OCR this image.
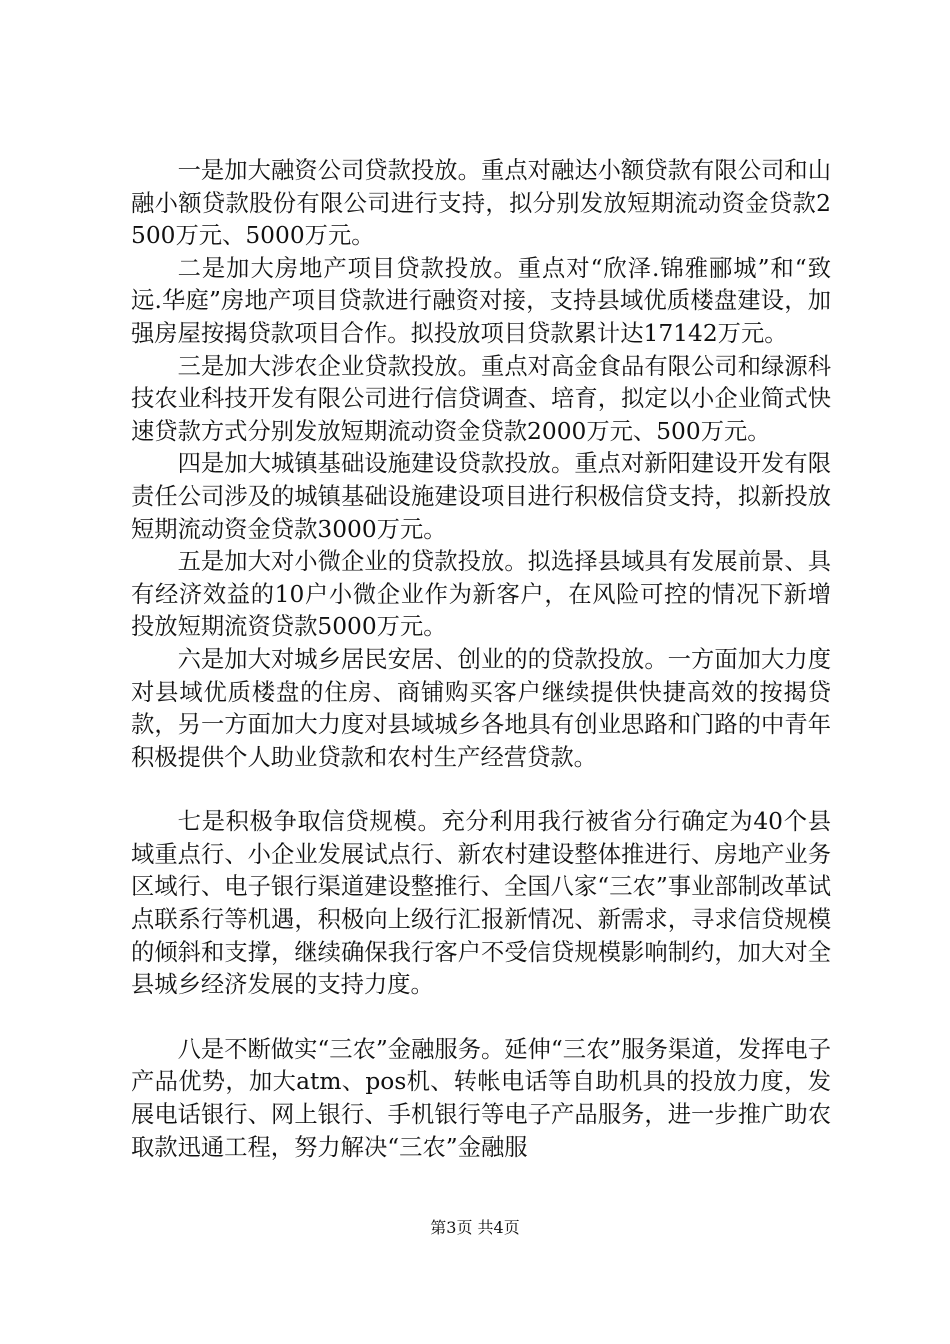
一是加大融资公司贷款投放。重点对融达小额贷款有限公司和山融小额贷款股份有限公司进行支持，拟分别发放短期流动资金贷款2500万元、5000万元。

二是加大房地产项目贷款投放。重点对“欣泽.锦雅郦城”和“致远.华庭”房地产项目贷款进行融资对接，支持县域优质楼盘建设，加强房屋按揭贷款项目合作。拟投放项目贷款累计达17142万元。

三是加大涉农企业贷款投放。重点对高金食品有限公司和绿源科技农业科技开发有限公司进行信贷调查、培育，拟定以小企业简式快速贷款方式分别发放短期流动资金贷款2000万元、500万元。

四是加大城镇基础设施建设贷款投放。重点对新阳建设开发有限责任公司涉及的城镇基础设施建设项目进行积极信贷支持，拟新投放短期流动资金贷款3000万元。

五是加大对小微企业的贷款投放。拟选择县域具有发展前景、具有经济效益的10户小微企业作为新客户，在风险可控的情况下新增投放短期流资贷款5000万元。

六是加大对城乡居民安居、创业的的贷款投放。一方面加大力度对县域优质楼盘的住房、商铺购买客户继续提供快捷高效的按揭贷款，另一方面加大力度对县域城乡各地具有创业思路和门路的中青年积极提供个人助业贷款和农村生产经营贷款。

七是积极争取信贷规模。充分利用我行被省分行确定为40个县域重点行、小企业发展试点行、新农村建设整体推进行、房地产业务区域行、电子银行渠道建设整推行、全国八家“三农”事业部制改革试点联系行等机遇，积极向上级行汇报新情况、新需求，寻求信贷规模的倾斜和支撑，继续确保我行客户不受信贷规模影响制约，加大对全县城乡经济发展的支持力度。

八是不断做实“三农”金融服务。延伸“三农”服务渠道，发挥电子产品优势，加大atm、pos机、转帐电话等自助机具的投放力度，发展电话银行、网上银行、手机银行等电子产品服务，进一步推广助农取款迅通工程，努力解决“三农”金融服

第3页 共4页
